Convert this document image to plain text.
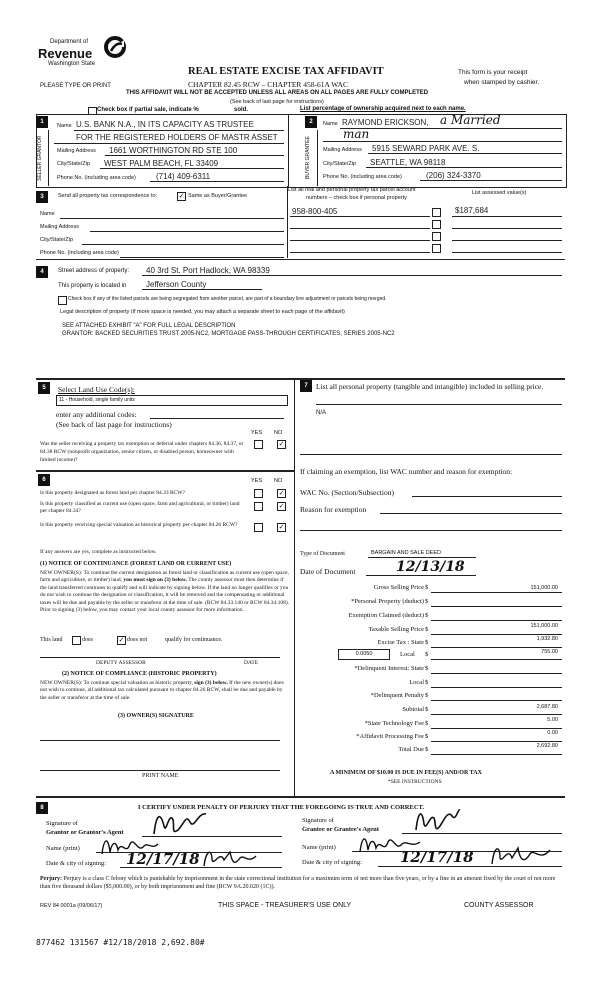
Department of
Revenue
Washington State
PLEASE TYPE OR PRINT
REAL ESTATE EXCISE TAX AFFIDAVIT
CHAPTER 82.45 RCW – CHAPTER 458-61A WAC
THIS AFFIDAVIT WILL NOT BE ACCEPTED UNLESS ALL AREAS ON ALL PAGES ARE FULLY COMPLETED
(See back of last page for instructions)
This form is your receipt
when stamped by cashier.
Check box if partial sale, indicate %	sold.	List percentage of ownership acquired next to each name.
1	2
SELLER GRANTOR	BUYER GRANTEE
Name U.S. BANK N.A., IN ITS CAPACITY AS TRUSTEE
FOR THE REGISTERED HOLDERS OF MASTR ASSET
Mailing Address 1661 WORTHINGTON RD STE 100
City/State/Zip WEST PALM BEACH, FL 33409
Phone No. (including area code)	(714) 409-6311
Name RAYMOND ERICKSON, a Married
man
Mailing Address 5915 SEWARD PARK AVE. S.
City/State/Zip SEATTLE, WA 98118
Phone No. (including area code)	(206) 324-3370
3	Send all property tax correspondence to:	✓ Same as Buyer/Grantee
Name
Mailing Address
City/State/Zip
Phone No. (including area code)
List all real and personal property tax parcel account
numbers – check box if personal property
List assessed value(s)
958-800-405	$187,684
4	Street address of property: 40 3rd St. Port Hadlock, WA 98339
This property is located in Jefferson County
Check box if any of the listed parcels are being segregated from another parcel, are part of a boundary line adjustment or parcels being merged.
Legal description of property (if more space is needed, you may attach a separate sheet to each page of the affidavit)
SEE ATTACHED EXHIBIT "A" FOR FULL LEGAL DESCRIPTION
GRANTOR: BACKED SECURITIES TRUST 2005-NC2, MORTGAGE PASS-THROUGH CERTIFICATES, SERIES 2005-NC2
5	Select Land Use Code(s):
11 - Household, single family units
enter any additional codes:
(See back of last page for instructions)
YES NO
Was the seller receiving a property tax exemption or deferral under chapters 84.36, 84.37, or 84.38 RCW (nonprofit organization, senior citizen, or disabled person, homeowner with limited income)?
✓
7	List all personal property (tangible and intangible) included in selling price.
N/A
If claiming an exemption, list WAC number and reason for exemption:
WAC No. (Section/Subsection)
Reason for exemption
6	YES NO
Is this property designated as forest land per chapter 84.33 RCW?	✓
Is this property classified as current use (open space, farm and agricultural, or timber) land per chapter 84.34?
✓
Is this property receiving special valuation as historical property per chapter 84.26 RCW?	✓
If any answers are yes, complete as instructed below.
(1) NOTICE OF CONTINUANCE (FOREST LAND OR CURRENT USE)
NEW OWNER(S): To continue the current designation as forest land or classification as current use (open space, farm and agriculture, or timber) land, you must sign on (3) below. The county assessor must then determine if the land transferred continues to qualify and will indicate by signing below. If the land no longer qualifies or you do not wish to continue the designation or classification, it will be removed and the compensating or additional taxes will be due and payable by the seller or transferor at the time of sale. (RCW 84.33.140 or RCW 84.34.108). Prior to signing (3) below, you may contact your local county assessor for more information.
This land	does	✓ does not	qualify for continuance.
DEPUTY ASSESSOR	DATE
(2) NOTICE OF COMPLIANCE (HISTORIC PROPERTY)
NEW OWNER(S): To continue special valuation as historic property, sign (3) below. If the new owner(s) does not wish to continue, all additional tax calculated pursuant to chapter 84.26 RCW, shall be due and payable by the seller or transferor at the time of sale.
(3) OWNER(S) SIGNATURE
PRINT NAME
Type of Document	BARGAIN AND SALE DEED
Date of Document	12/13/18
Gross Selling Price $	151,000.00
*Personal Property (deduct) $
Exemption Claimed (deduct) $
Taxable Selling Price $	151,000.00
Excise Tax : State $	1,932.80
0.0050	Local $	755.00
*Delinquent Interest: State $
Local $
*Delinquent Penalty $
Subtotal $	2,687.80
*State Technology Fee $	5.00
*Affidavit Processing Fee $	0.00
Total Due $	2,692.80
A MINIMUM OF $10.00 IS DUE IN FEE(S) AND/OR TAX
*SEE INSTRUCTIONS
8	I CERTIFY UNDER PENALTY OF PERJURY THAT THE FOREGOING IS TRUE AND CORRECT.
Signature of
Grantor or Grantor's Agent
Name (print)
Date & city of signing: 12/17/18
Signature of
Grantee or Grantee's Agent
Name (print)
Date & city of signing:	12/17/18
Perjury: Perjury is a class C felony which is punishable by imprisonment in the state correctional institution for a maximum term of not more than five years, or by a fine in an amount fixed by the court of not more than five thousand dollars ($5,000.00), or by both imprisonment and fine (RCW 9A.20.020 (1C)).
REV 84 0001a (09/06/17)	THIS SPACE - TREASURER'S USE ONLY	COUNTY ASSESSOR
877462 131567 #12/18/2018 2,692.80#
